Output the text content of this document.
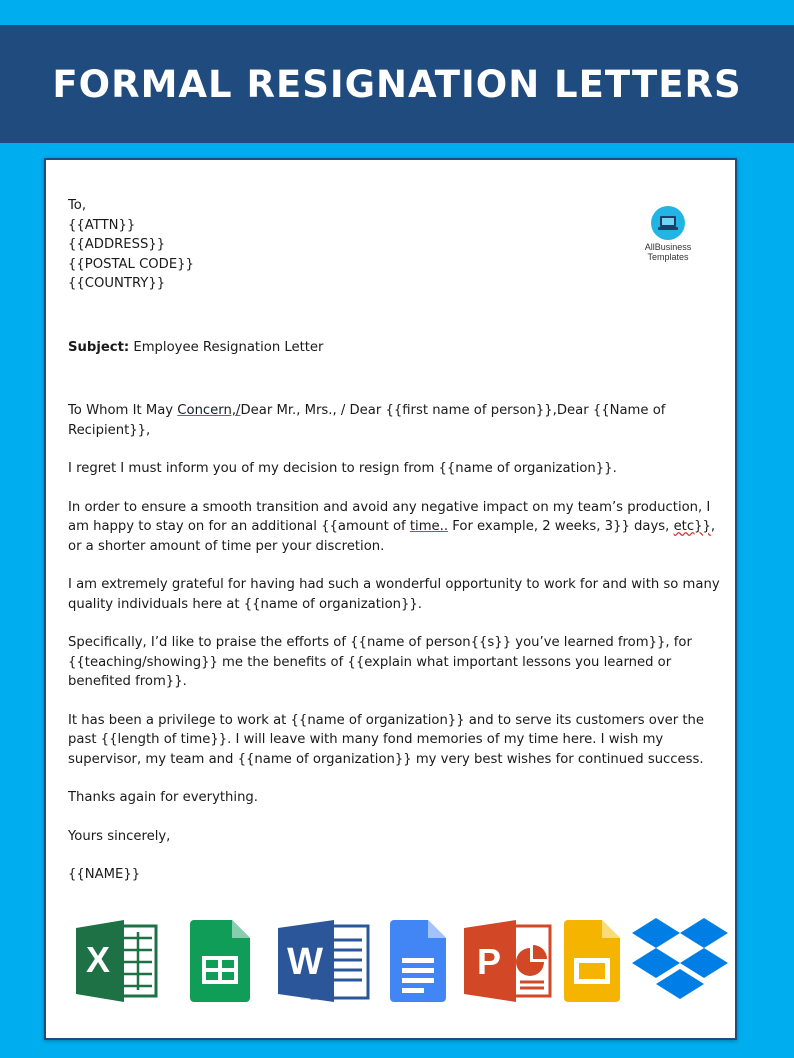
FORMAL RESIGNATION LETTERS
AllBusiness
Templates
To,
{{ATTN}}
{{ADDRESS}}
{{POSTAL CODE}}
{{COUNTRY}}

Subject: Employee Resignation Letter

To Whom It May Concern,/Dear Mr., Mrs., / Dear {{first name of person}},Dear {{Name of Recipient}},

I regret I must inform you of my decision to resign from {{name of organization}}.

In order to ensure a smooth transition and avoid any negative impact on my team’s production, I am happy to stay on for an additional {{amount of time.. For example, 2 weeks, 3}} days, etc}}, or a shorter amount of time per your discretion.

I am extremely grateful for having had such a wonderful opportunity to work for and with so many quality individuals here at {{name of organization}}.

Specifically, I’d like to praise the efforts of {{name of person{{s}} you’ve learned from}}, for {{teaching/showing}} me the benefits of {{explain what important lessons you learned or benefited from}}.

It has been a privilege to work at {{name of organization}} and to serve its customers over the past {{length of time}}. I will leave with many fond memories of my time here. I wish my supervisor, my team and {{name of organization}} my very best wishes for continued success.

Thanks again for everything.

Yours sincerely,

{{NAME}}

X	W	P
